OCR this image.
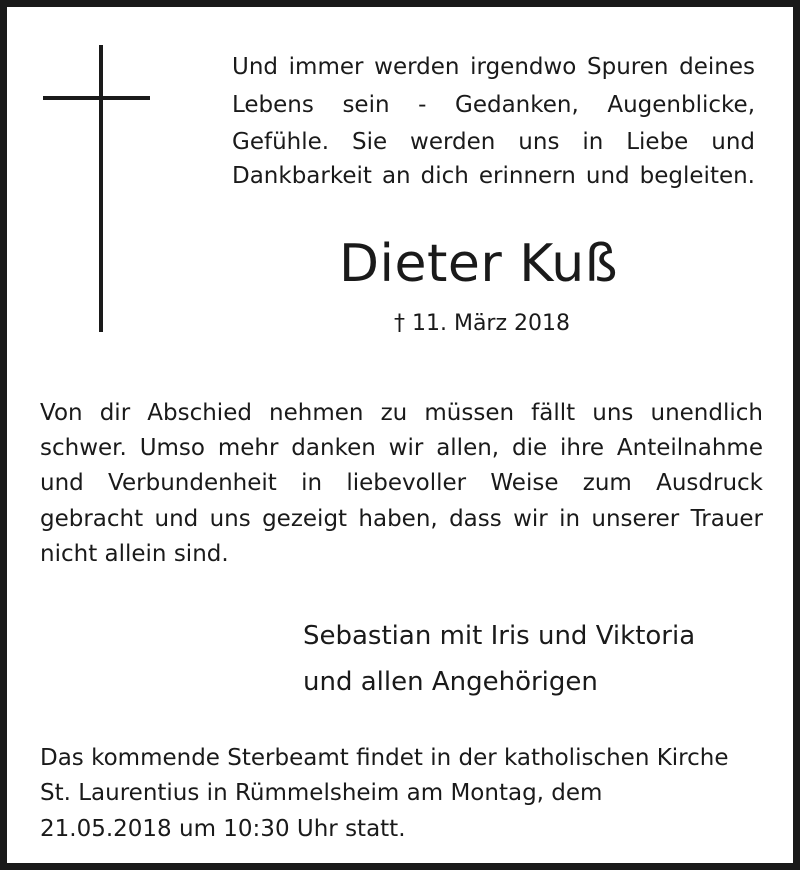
Und immer werden irgendwo Spuren deines
Lebens sein - Gedanken, Augenblicke,
Gefühle. Sie werden uns in Liebe und
Dankbarkeit an dich erinnern und begleiten.
Dieter Kuß
† 11. März 2018
Von dir Abschied nehmen zu müssen fällt uns unendlich
schwer. Umso mehr danken wir allen, die ihre Anteilnahme
und Verbundenheit in liebevoller Weise zum Ausdruck
gebracht und uns gezeigt haben, dass wir in unserer Trauer
nicht allein sind.
Sebastian mit Iris und Viktoria
und allen Angehörigen
Das kommende Sterbeamt findet in der katholischen Kirche
St. Laurentius in Rümmelsheim am Montag, dem
21.05.2018 um 10:30 Uhr statt.
